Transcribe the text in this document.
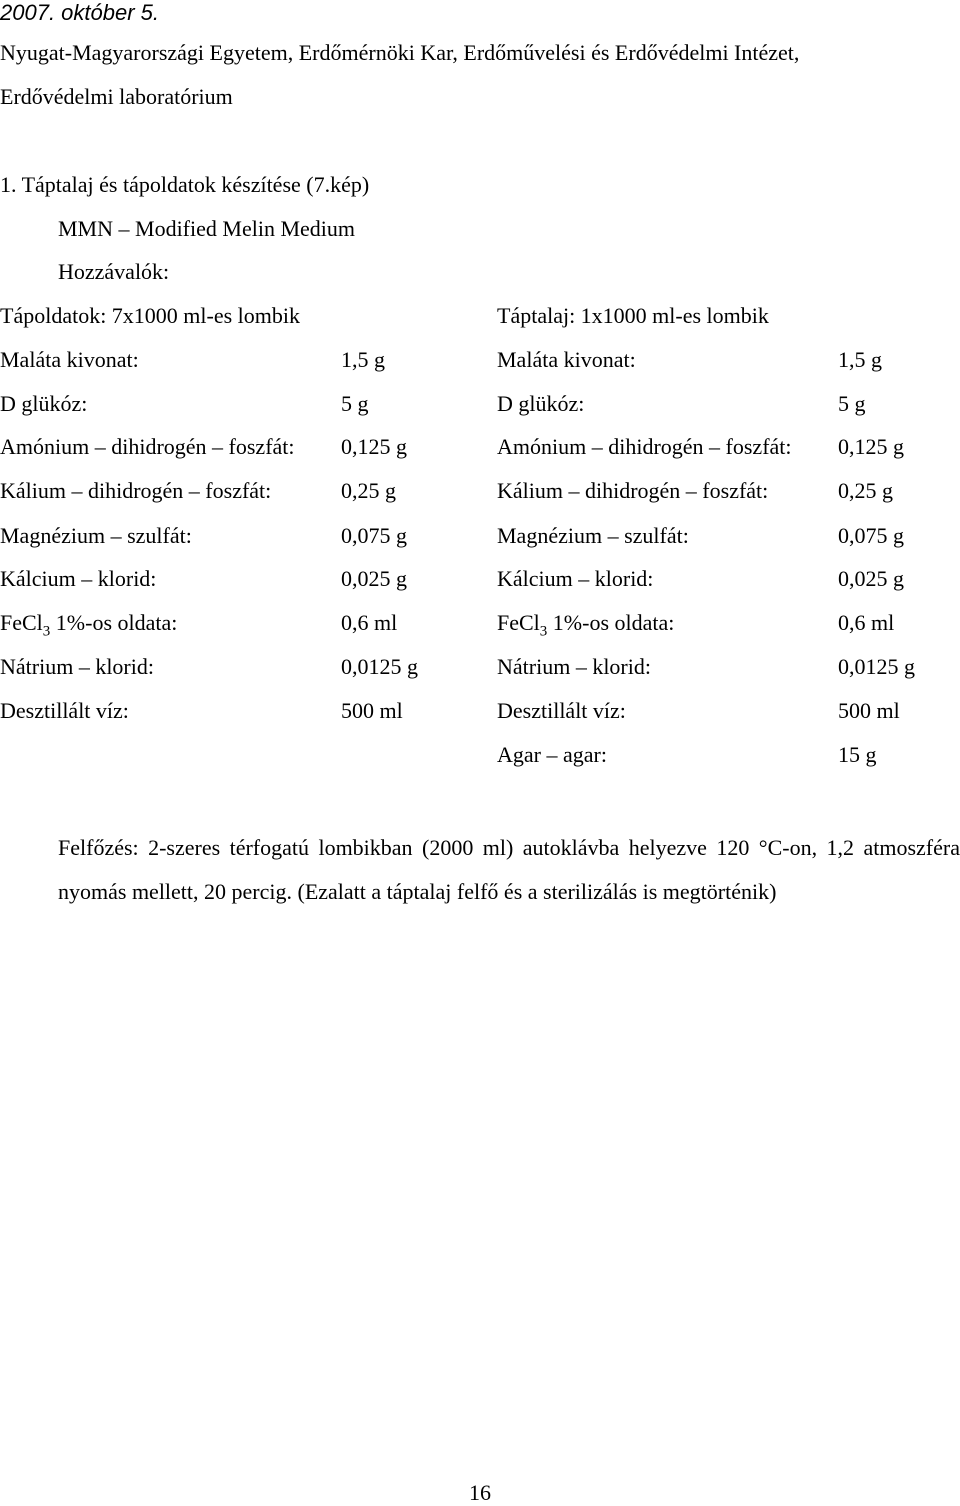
2007. október 5.
Nyugat-Magyarországi Egyetem, Erdőmérnöki Kar, Erdőművelési és Erdővédelmi Intézet,
Erdővédelmi laboratórium
1. Táptalaj és tápoldatok készítése (7.kép)
MMN – Modified Melin Medium
Hozzávalók:
Tápoldatok: 7x1000 ml-es lombik
Maláta kivonat:	1,5 g
D glükóz:	5 g
Amónium – dihidrogén – foszfát: 0,125 g
Kálium – dihidrogén – foszfát:	0,25 g
Magnézium – szulfát:	0,075 g
Kálcium – klorid:	0,025 g
FeCl$_3$ 1%-os oldata:	0,6 ml
Nátrium – klorid:	0,0125 g
Desztillált víz:	500 ml
Táptalaj: 1x1000 ml-es lombik
Maláta kivonat:	1,5 g
D glükóz:	5 g
Amónium – dihidrogén – foszfát: 0,125 g
Kálium – dihidrogén – foszfát:	0,25 g
Magnézium – szulfát:	0,075 g
Kálcium – klorid:	0,025 g
FeCl$_3$ 1%-os oldata:	0,6 ml
Nátrium – klorid:	0,0125 g
Desztillált víz:	500 ml
Agar – agar:	15 g
Felfőzés: 2-szeres térfogatú lombikban (2000 ml) autoklávba helyezve 120 °C-on, 1,2 atmoszféra nyomás mellett, 20 percig. (Ezalatt a táptalaj felfő és a sterilizálás is megtörténik)
16
